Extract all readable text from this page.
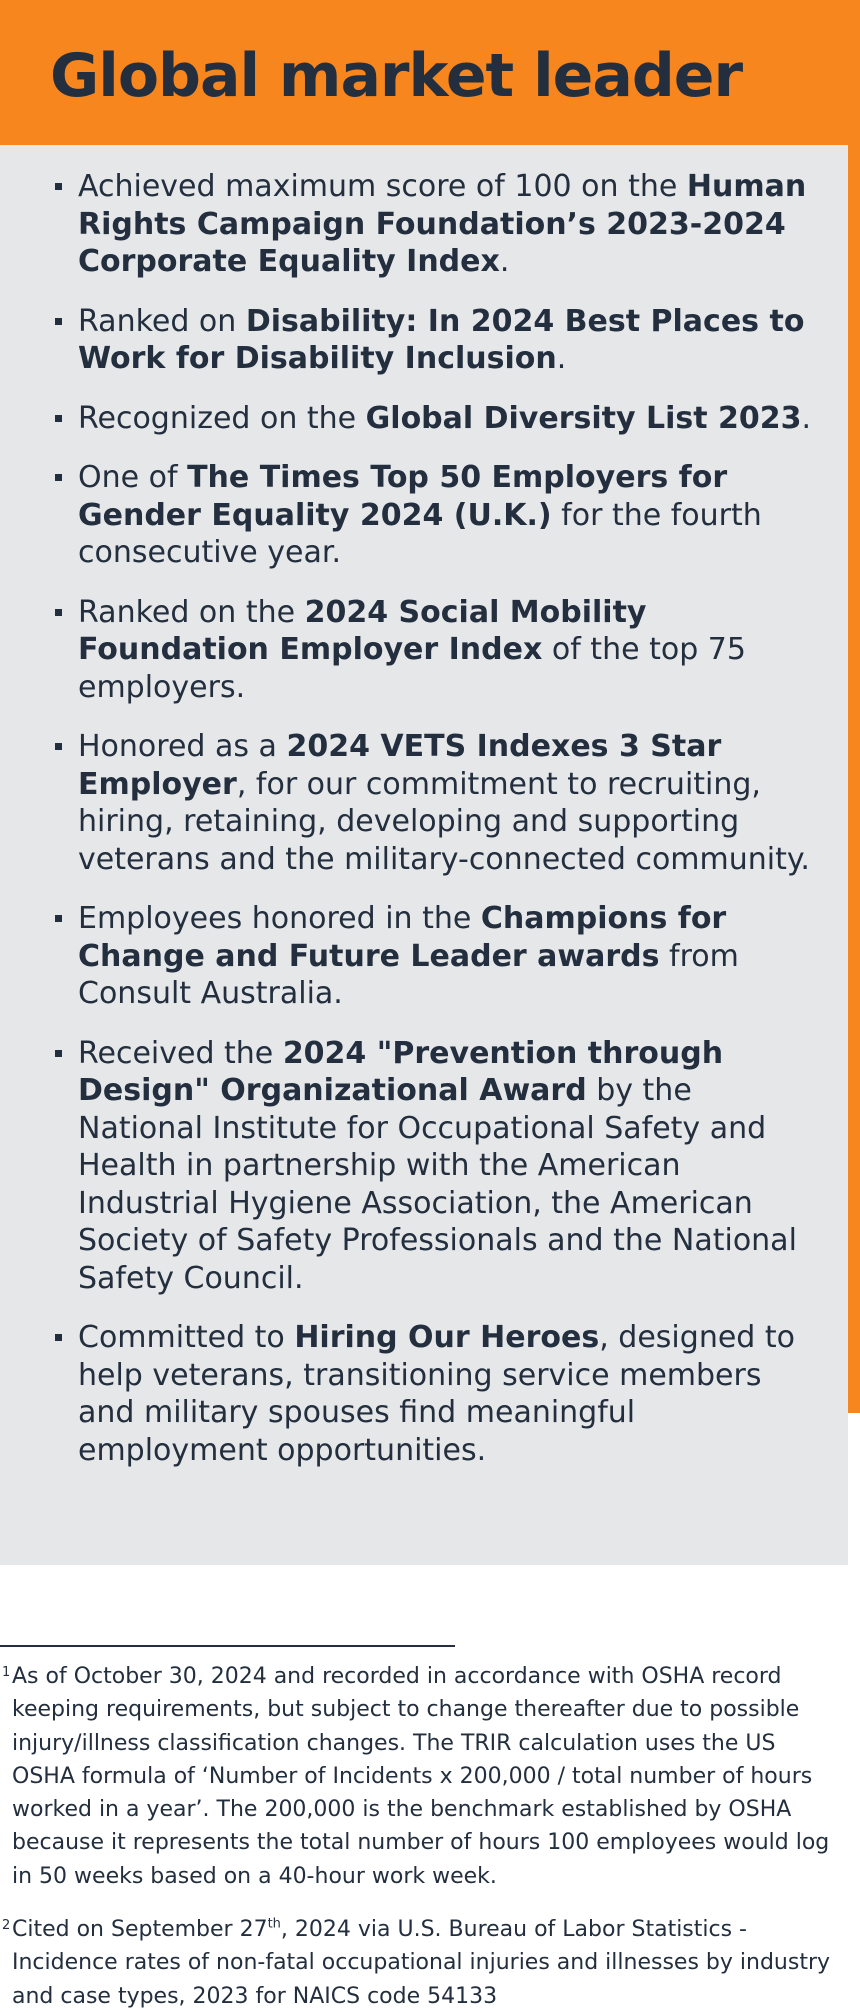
Global market leader
Achieved maximum score of 100 on the Human Rights Campaign Foundation’s 2023-2024 Corporate Equality Index.
Ranked on Disability: In 2024 Best Places to Work for Disability Inclusion.
Recognized on the Global Diversity List 2023.
One of The Times Top 50 Employers for Gender Equality 2024 (U.K.) for the fourth consecutive year.
Ranked on the 2024 Social Mobility Foundation Employer Index of the top 75 employers.
Honored as a 2024 VETS Indexes 3 Star Employer, for our commitment to recruiting, hiring, retaining, developing and supporting veterans and the military-connected community.
Employees honored in the Champions for Change and Future Leader awards from Consult Australia.
Received the 2024 "Prevention through Design" Organizational Award by the National Institute for Occupational Safety and Health in partnership with the American Industrial Hygiene Association, the American Society of Safety Professionals and the National Safety Council.
Committed to Hiring Our Heroes, designed to help veterans, transitioning service members and military spouses find meaningful employment opportunities.
1 As of October 30, 2024 and recorded in accordance with OSHA record keeping requirements, but subject to change thereafter due to possible injury/illness classification changes. The TRIR calculation uses the US OSHA formula of ‘Number of Incidents x 200,000 / total number of hours worked in a year’. The 200,000 is the benchmark established by OSHA because it represents the total number of hours 100 employees would log in 50 weeks based on a 40-hour work week.
2 Cited on September 27th, 2024 via U.S. Bureau of Labor Statistics - Incidence rates of non-fatal occupational injuries and illnesses by industry and case types, 2023 for NAICS code 54133
